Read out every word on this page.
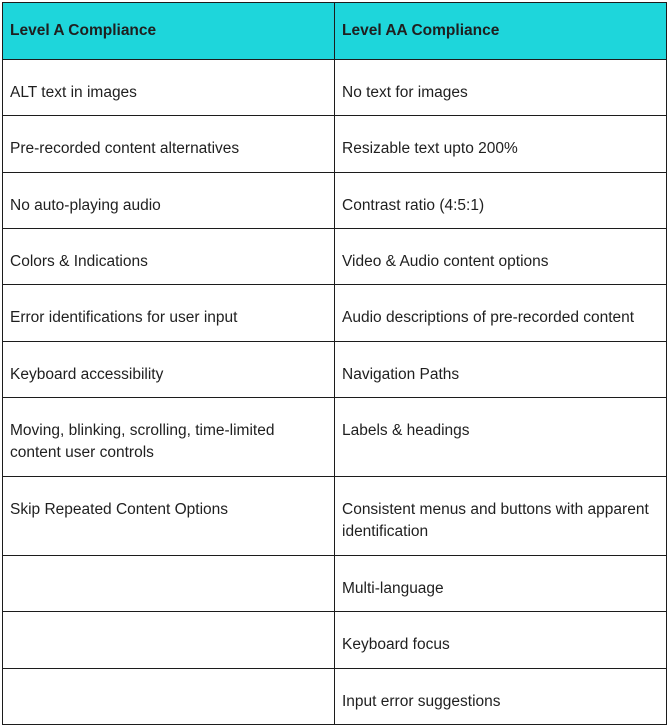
Level A Compliance	Level AA Compliance
ALT text in images	No text for images
Pre-recorded content alternatives	Resizable text upto 200%
No auto-playing audio	Contrast ratio (4:5:1)
Colors & Indications	Video & Audio content options
Error identifications for user input	Audio descriptions of pre-recorded content
Keyboard accessibility	Navigation Paths
Moving, blinking, scrolling, time-limited content user controls	Labels & headings
Skip Repeated Content Options	Consistent menus and buttons with apparent identification
	Multi-language
	Keyboard focus
	Input error suggestions
